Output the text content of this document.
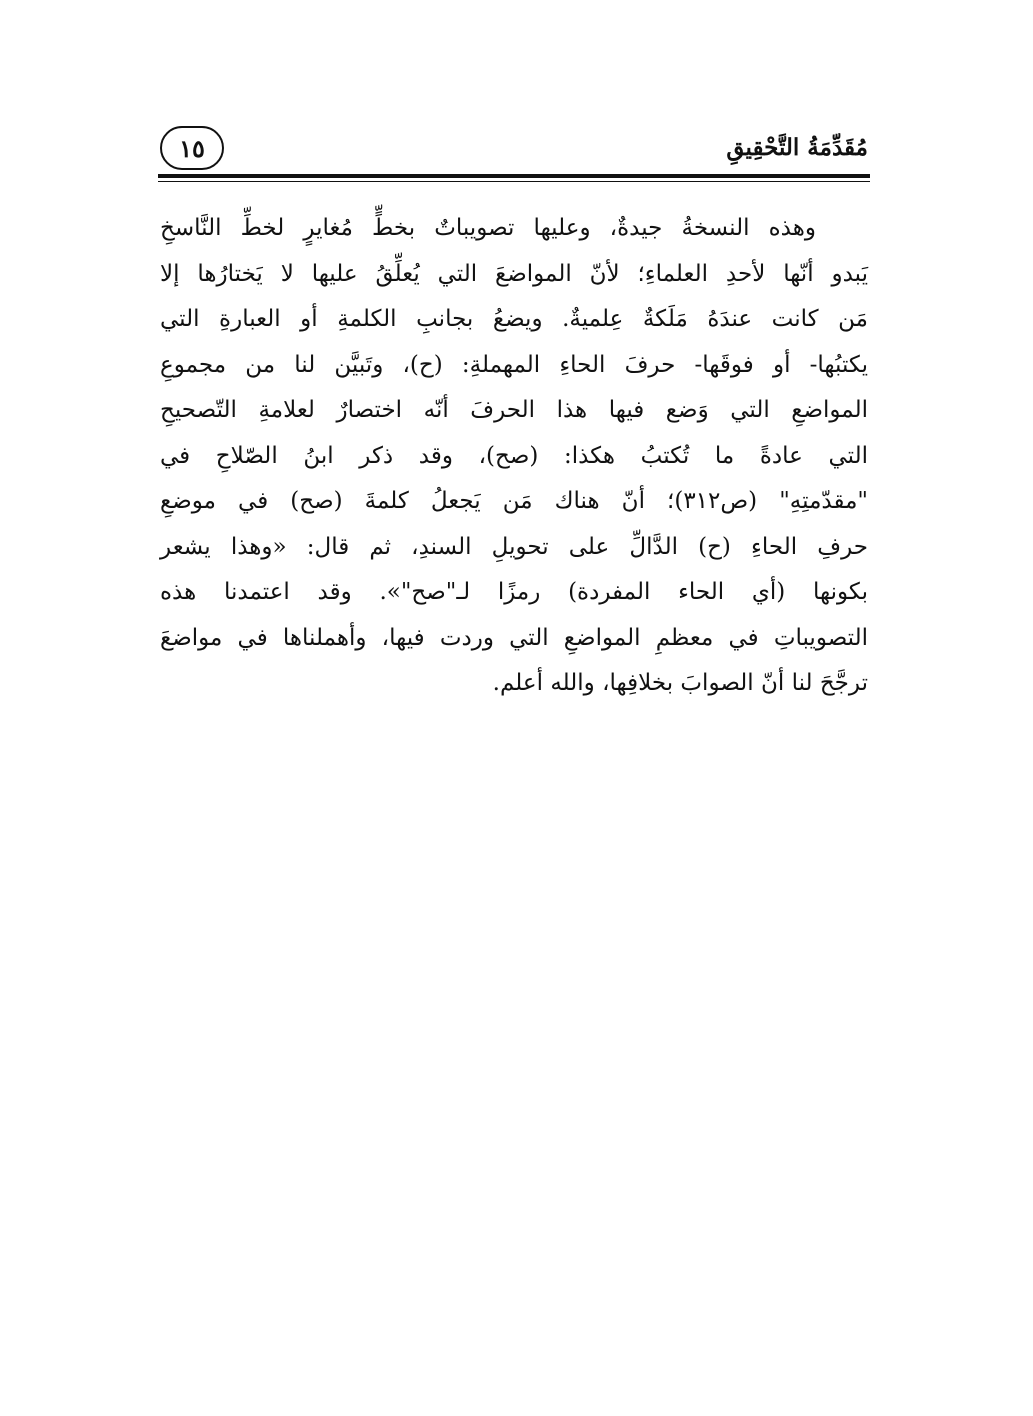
مُقَدِّمَةُ التَّحْقِيقِ
١٥
وهذه النسخةُ جيدةٌ، وعليها تصويباتٌ بخطٍّ مُغايرٍ لخطِّ النَّاسخِ
يَبدو أنّها لأحدِ العلماءِ؛ لأنّ المواضعَ التي يُعلِّقُ عليها لا يَختارُها إلا
مَن كانت عندَهُ مَلَكةٌ عِلميةٌ. ويضعُ بجانبِ الكلمةِ أو العبارةِ التي
يكتبُها- أو فوقَها- حرفَ الحاءِ المهملةِ: (ح)، وتَبيَّن لنا من مجموعِ
المواضعِ التي وَضع فيها هذا الحرفَ أنّه اختصارٌ لعلامةِ التّصحيحِ
التي عادةً ما تُكتبُ هكذا: (صح)، وقد ذكر ابنُ الصّلاحِ في
"مقدّمتِهِ" (ص٣١٢)؛ أنّ هناك مَن يَجعلُ كلمةَ (صح) في موضعِ
حرفِ الحاءِ (ح) الدَّالِّ على تحويلِ السندِ، ثم قال: «وهذا يشعر
بكونها (أي الحاء المفردة) رمزًا لـ"صح"». وقد اعتمدنا هذه
التصويباتِ في معظمِ المواضعِ التي وردت فيها، وأهملناها في مواضعَ
ترجَّحَ لنا أنّ الصوابَ بخلافِها، والله أعلم.
